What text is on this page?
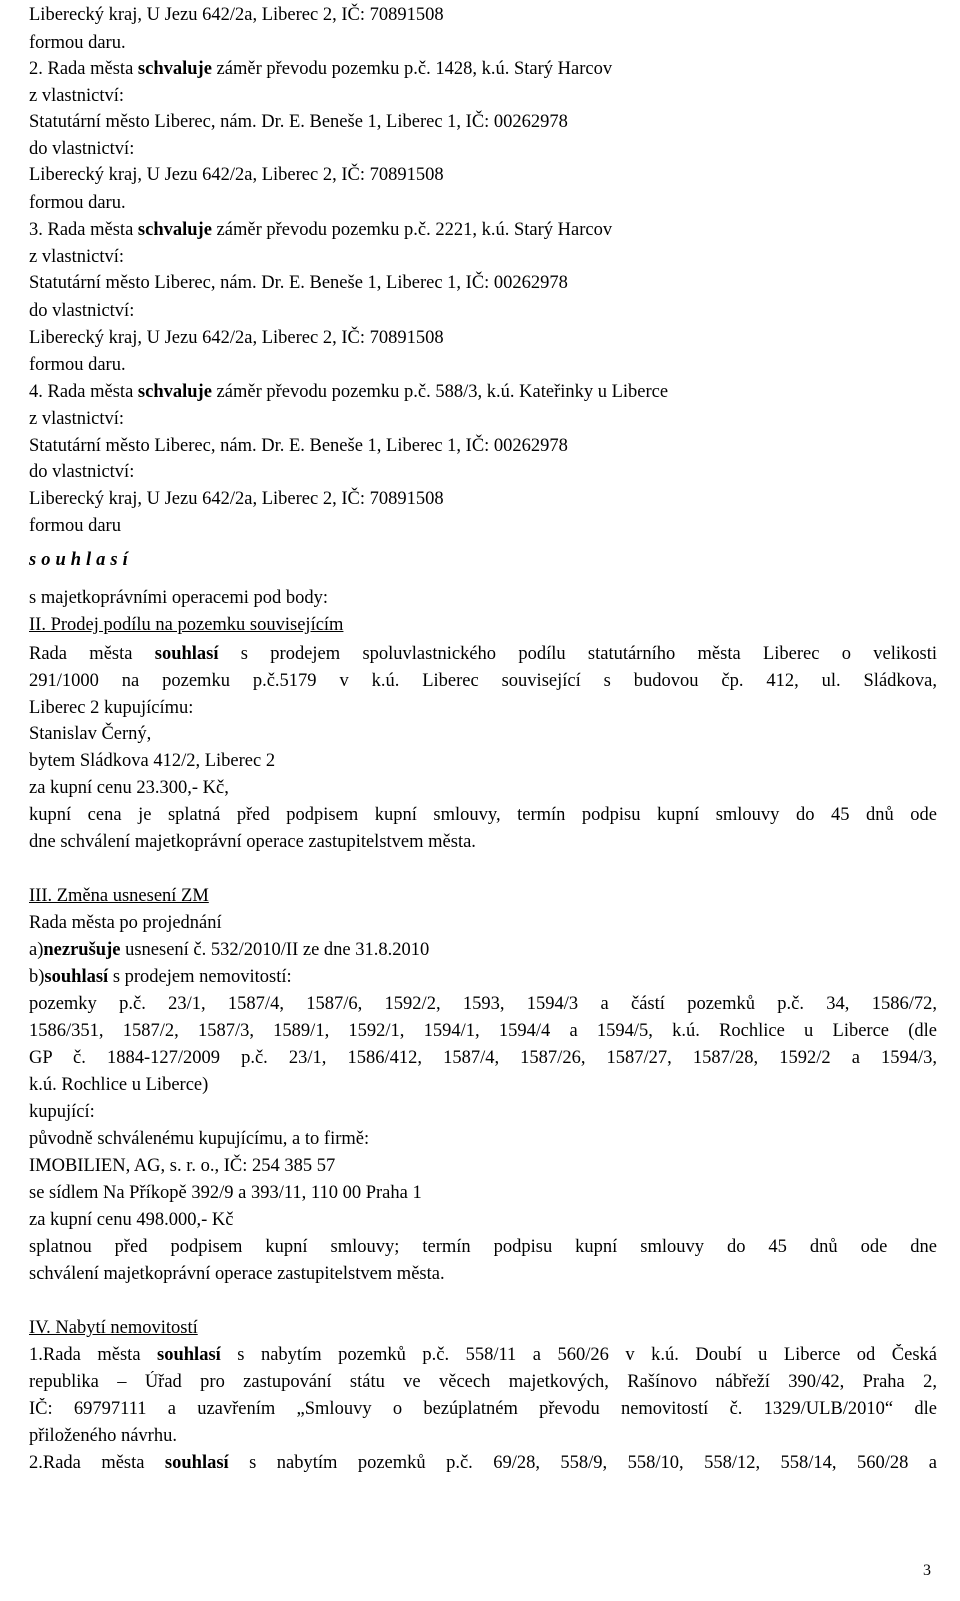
Liberecký kraj, U Jezu 642/2a, Liberec 2, IČ: 70891508
formou daru.
2. Rada města schvaluje záměr převodu pozemku p.č. 1428, k.ú. Starý Harcov
z vlastnictví:
Statutární město Liberec, nám. Dr. E. Beneše 1, Liberec 1, IČ: 00262978
do vlastnictví:
Liberecký kraj, U Jezu 642/2a, Liberec 2, IČ: 70891508
formou daru.
3. Rada města schvaluje záměr převodu pozemku p.č. 2221, k.ú. Starý Harcov
z vlastnictví:
Statutární město Liberec, nám. Dr. E. Beneše 1, Liberec 1, IČ: 00262978
do vlastnictví:
Liberecký kraj, U Jezu 642/2a, Liberec 2, IČ: 70891508
formou daru.
4. Rada města schvaluje záměr převodu pozemku p.č. 588/3, k.ú. Kateřinky u Liberce
z vlastnictví:
Statutární město Liberec, nám. Dr. E. Beneše 1, Liberec 1, IČ: 00262978
do vlastnictví:
Liberecký kraj, U Jezu 642/2a, Liberec 2, IČ: 70891508
formou daru
souhlasí
s majetkoprávními operacemi pod body:
II. Prodej podílu na pozemku souvisejícím
Rada města souhlasí s prodejem spoluvlastnického podílu statutárního města Liberec o velikosti
291/1000 na pozemku p.č.5179 v k.ú. Liberec související s budovou čp. 412, ul. Sládkova,
Liberec 2 kupujícímu:
Stanislav Černý,
bytem Sládkova 412/2, Liberec 2
za kupní cenu 23.300,- Kč,
kupní cena je splatná před podpisem kupní smlouvy, termín podpisu kupní smlouvy do 45 dnů ode
dne schválení majetkoprávní operace zastupitelstvem města.
III. Změna usnesení ZM
Rada města po projednání
a)nezrušuje usnesení č. 532/2010/II ze dne 31.8.2010
b)souhlasí s prodejem nemovitostí:
pozemky p.č. 23/1, 1587/4, 1587/6, 1592/2, 1593, 1594/3 a částí pozemků p.č. 34, 1586/72,
1586/351, 1587/2, 1587/3, 1589/1, 1592/1, 1594/1, 1594/4 a 1594/5, k.ú. Rochlice u Liberce (dle
GP č. 1884-127/2009 p.č. 23/1, 1586/412, 1587/4, 1587/26, 1587/27, 1587/28, 1592/2 a 1594/3,
k.ú. Rochlice u Liberce)
kupující:
původně schválenému kupujícímu, a to firmě:
IMOBILIEN, AG, s. r. o., IČ: 254 385 57
se sídlem Na Příkopě 392/9 a 393/11, 110 00 Praha 1
za kupní cenu 498.000,- Kč
splatnou před podpisem kupní smlouvy; termín podpisu kupní smlouvy do 45 dnů ode dne
schválení majetkoprávní operace zastupitelstvem města.
IV. Nabytí nemovitostí
1.Rada města souhlasí s nabytím pozemků p.č. 558/11 a 560/26 v k.ú. Doubí u Liberce od Česká
republika – Úřad pro zastupování státu ve věcech majetkových, Rašínovo nábřeží 390/42, Praha 2,
IČ: 69797111 a uzavřením „Smlouvy o bezúplatném převodu nemovitostí č. 1329/ULB/2010“ dle
přiloženého návrhu.
2.Rada města souhlasí s nabytím pozemků p.č. 69/28, 558/9, 558/10, 558/12, 558/14, 560/28 a
3
